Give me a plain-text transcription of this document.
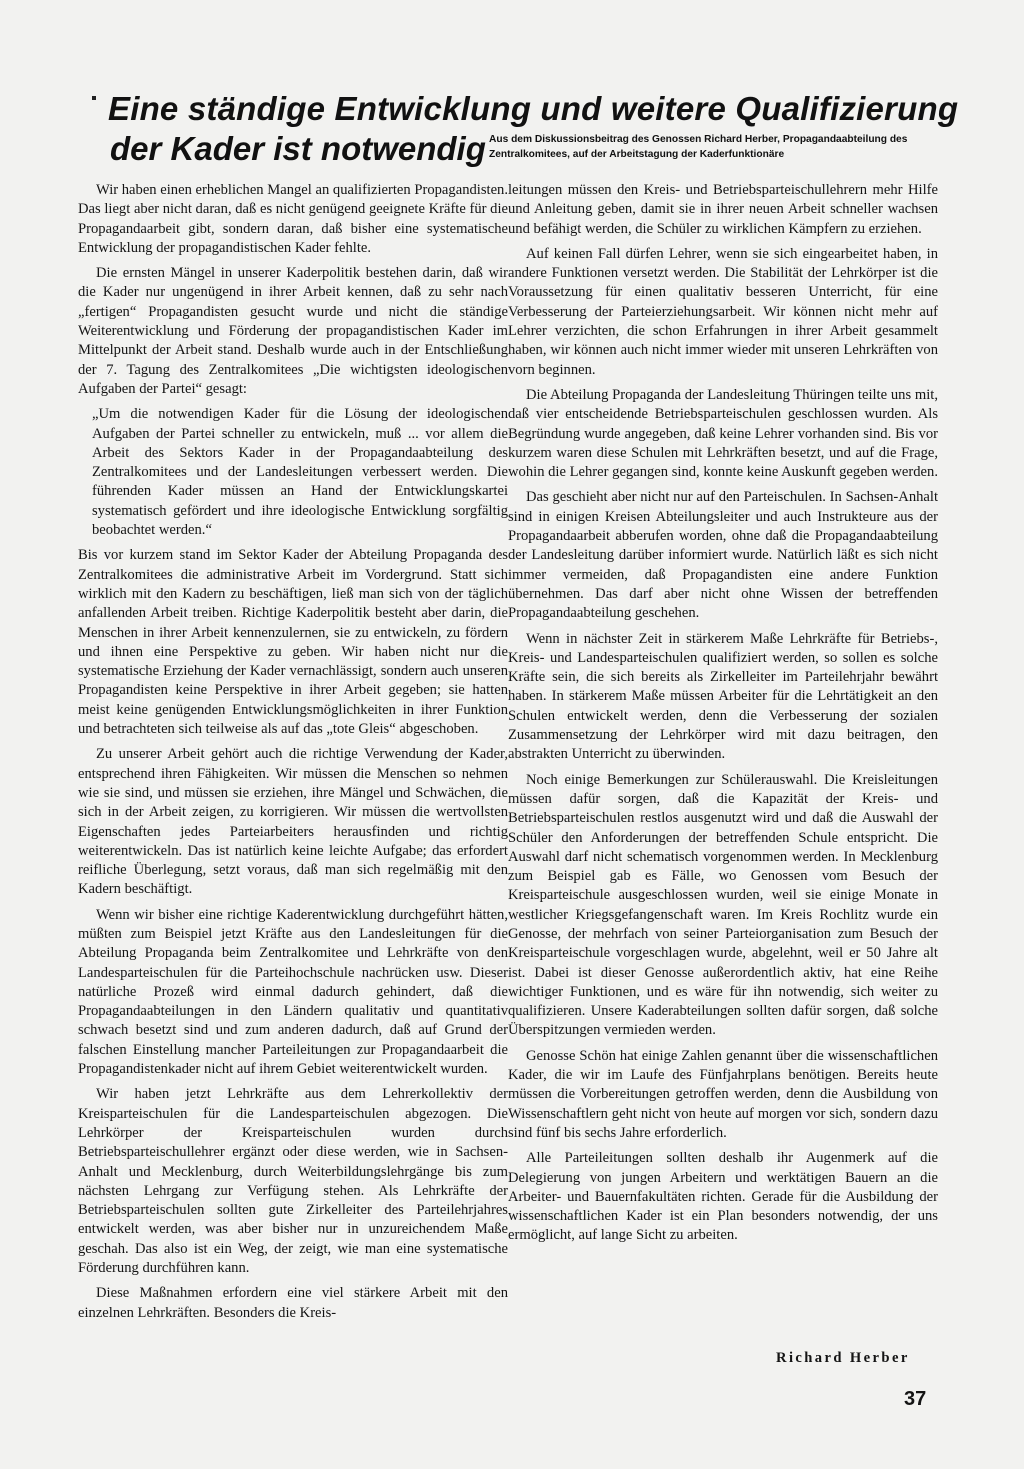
Eine ständige Entwicklung und weitere Qualifizierung
der Kader ist notwendig Aus dem Diskussionsbeitrag des Genossen Richard Herber, Propagandaabteilung des Zentralkomitees, auf der Arbeitstagung der Kaderfunktionäre

Wir haben einen erheblichen Mangel an qualifizierten Propagandisten. Das liegt aber nicht daran, daß es nicht genügend geeignete Kräfte für die Propagandaarbeit gibt, sondern daran, daß bisher eine systematische Entwicklung der propagandistischen Kader fehlte.

Die ernsten Mängel in unserer Kaderpolitik bestehen darin, daß wir die Kader nur ungenügend in ihrer Arbeit kennen, daß zu sehr nach „fertigen“ Propagandisten gesucht wurde und nicht die ständige Weiterentwicklung und Förderung der propagandistischen Kader im Mittelpunkt der Arbeit stand. Deshalb wurde auch in der Entschließung der 7. Tagung des Zentralkomitees „Die wichtigsten ideologischen Aufgaben der Partei“ gesagt:

„Um die notwendigen Kader für die Lösung der ideologischen Aufgaben der Partei schneller zu entwickeln, muß ... vor allem die Arbeit des Sektors Kader in der Propagandaabteilung des Zentralkomitees und der Landesleitungen verbessert werden. Die führenden Kader müssen an Hand der Entwicklungskartei systematisch gefördert und ihre ideologische Entwicklung sorgfältig beobachtet werden.“

Bis vor kurzem stand im Sektor Kader der Abteilung Propaganda des Zentralkomitees die administrative Arbeit im Vordergrund. Statt sich wirklich mit den Kadern zu beschäftigen, ließ man sich von der täglich anfallenden Arbeit treiben. Richtige Kaderpolitik besteht aber darin, die Menschen in ihrer Arbeit kennenzulernen, sie zu entwickeln, zu fördern und ihnen eine Perspektive zu geben. Wir haben nicht nur die systematische Erziehung der Kader vernachlässigt, sondern auch unseren Propagandisten keine Perspektive in ihrer Arbeit gegeben; sie hatten meist keine genügenden Entwicklungsmöglichkeiten in ihrer Funktion und betrachteten sich teilweise als auf das „tote Gleis“ abgeschoben.

Zu unserer Arbeit gehört auch die richtige Verwendung der Kader, entsprechend ihren Fähigkeiten. Wir müssen die Menschen so nehmen wie sie sind, und müssen sie erziehen, ihre Mängel und Schwächen, die sich in der Arbeit zeigen, zu korrigieren. Wir müssen die wertvollsten Eigenschaften jedes Parteiarbeiters herausfinden und richtig weiterentwickeln. Das ist natürlich keine leichte Aufgabe; das erfordert reifliche Überlegung, setzt voraus, daß man sich regelmäßig mit den Kadern beschäftigt.

Wenn wir bisher eine richtige Kaderentwicklung durchgeführt hätten, müßten zum Beispiel jetzt Kräfte aus den Landesleitungen für die Abteilung Propaganda beim Zentralkomitee und Lehrkräfte von den Landesparteischulen für die Parteihochschule nachrücken usw. Dieser natürliche Prozeß wird einmal dadurch gehindert, daß die Propagandaabteilungen in den Ländern qualitativ und quantitativ schwach besetzt sind und zum anderen dadurch, daß auf Grund der falschen Einstellung mancher Parteileitungen zur Propagandaarbeit die Propagandistenkader nicht auf ihrem Gebiet weiterentwickelt wurden.

Wir haben jetzt Lehrkräfte aus dem Lehrerkollektiv der Kreisparteischulen für die Landesparteischulen abgezogen. Die Lehrkörper der Kreisparteischulen wurden durch Betriebsparteischullehrer ergänzt oder diese werden, wie in Sachsen-Anhalt und Mecklenburg, durch Weiterbildungslehrgänge bis zum nächsten Lehrgang zur Verfügung stehen. Als Lehrkräfte der Betriebsparteischulen sollten gute Zirkelleiter des Parteilehrjahres entwickelt werden, was aber bisher nur in unzureichendem Maße geschah. Das also ist ein Weg, der zeigt, wie man eine systematische Förderung durchführen kann.

Diese Maßnahmen erfordern eine viel stärkere Arbeit mit den einzelnen Lehrkräften. Besonders die Kreis-

leitungen müssen den Kreis- und Betriebsparteischullehrern mehr Hilfe und Anleitung geben, damit sie in ihrer neuen Arbeit schneller wachsen und befähigt werden, die Schüler zu wirklichen Kämpfern zu erziehen.

Auf keinen Fall dürfen Lehrer, wenn sie sich eingearbeitet haben, in andere Funktionen versetzt werden. Die Stabilität der Lehrkörper ist die Voraussetzung für einen qualitativ besseren Unterricht, für eine Verbesserung der Parteierziehungsarbeit. Wir können nicht mehr auf Lehrer verzichten, die schon Erfahrungen in ihrer Arbeit gesammelt haben, wir können auch nicht immer wieder mit unseren Lehrkräften von vorn beginnen.

Die Abteilung Propaganda der Landesleitung Thüringen teilte uns mit, daß vier entscheidende Betriebsparteischulen geschlossen wurden. Als Begründung wurde angegeben, daß keine Lehrer vorhanden sind. Bis vor kurzem waren diese Schulen mit Lehrkräften besetzt, und auf die Frage, wohin die Lehrer gegangen sind, konnte keine Auskunft gegeben werden.

Das geschieht aber nicht nur auf den Parteischulen. In Sachsen-Anhalt sind in einigen Kreisen Abteilungsleiter und auch Instrukteure aus der Propagandaarbeit abberufen worden, ohne daß die Propagandaabteilung der Landesleitung darüber informiert wurde. Natürlich läßt es sich nicht immer vermeiden, daß Propagandisten eine andere Funktion übernehmen. Das darf aber nicht ohne Wissen der betreffenden Propagandaabteilung geschehen.

Wenn in nächster Zeit in stärkerem Maße Lehrkräfte für Betriebs-, Kreis- und Landesparteischulen qualifiziert werden, so sollen es solche Kräfte sein, die sich bereits als Zirkelleiter im Parteilehrjahr bewährt haben. In stärkerem Maße müssen Arbeiter für die Lehrtätigkeit an den Schulen entwickelt werden, denn die Verbesserung der sozialen Zusammensetzung der Lehrkörper wird mit dazu beitragen, den abstrakten Unterricht zu überwinden.

Noch einige Bemerkungen zur Schülerauswahl. Die Kreisleitungen müssen dafür sorgen, daß die Kapazität der Kreis- und Betriebsparteischulen restlos ausgenutzt wird und daß die Auswahl der Schüler den Anforderungen der betreffenden Schule entspricht. Die Auswahl darf nicht schematisch vorgenommen werden. In Mecklenburg zum Beispiel gab es Fälle, wo Genossen vom Besuch der Kreisparteischule ausgeschlossen wurden, weil sie einige Monate in westlicher Kriegsgefangenschaft waren. Im Kreis Rochlitz wurde ein Genosse, der mehrfach von seiner Parteiorganisation zum Besuch der Kreisparteischule vorgeschlagen wurde, abgelehnt, weil er 50 Jahre alt ist. Dabei ist dieser Genosse außerordentlich aktiv, hat eine Reihe wichtiger Funktionen, und es wäre für ihn notwendig, sich weiter zu qualifizieren. Unsere Kaderabteilungen sollten dafür sorgen, daß solche Überspitzungen vermieden werden.

Genosse Schön hat einige Zahlen genannt über die wissenschaftlichen Kader, die wir im Laufe des Fünfjahrplans benötigen. Bereits heute müssen die Vorbereitungen getroffen werden, denn die Ausbildung von Wissenschaftlern geht nicht von heute auf morgen vor sich, sondern dazu sind fünf bis sechs Jahre erforderlich.

Alle Parteileitungen sollten deshalb ihr Augenmerk auf die Delegierung von jungen Arbeitern und werktätigen Bauern an die Arbeiter- und Bauernfakultäten richten. Gerade für die Ausbildung der wissenschaftlichen Kader ist ein Plan besonders notwendig, der uns ermöglicht, auf lange Sicht zu arbeiten.

Richard Herber
37
